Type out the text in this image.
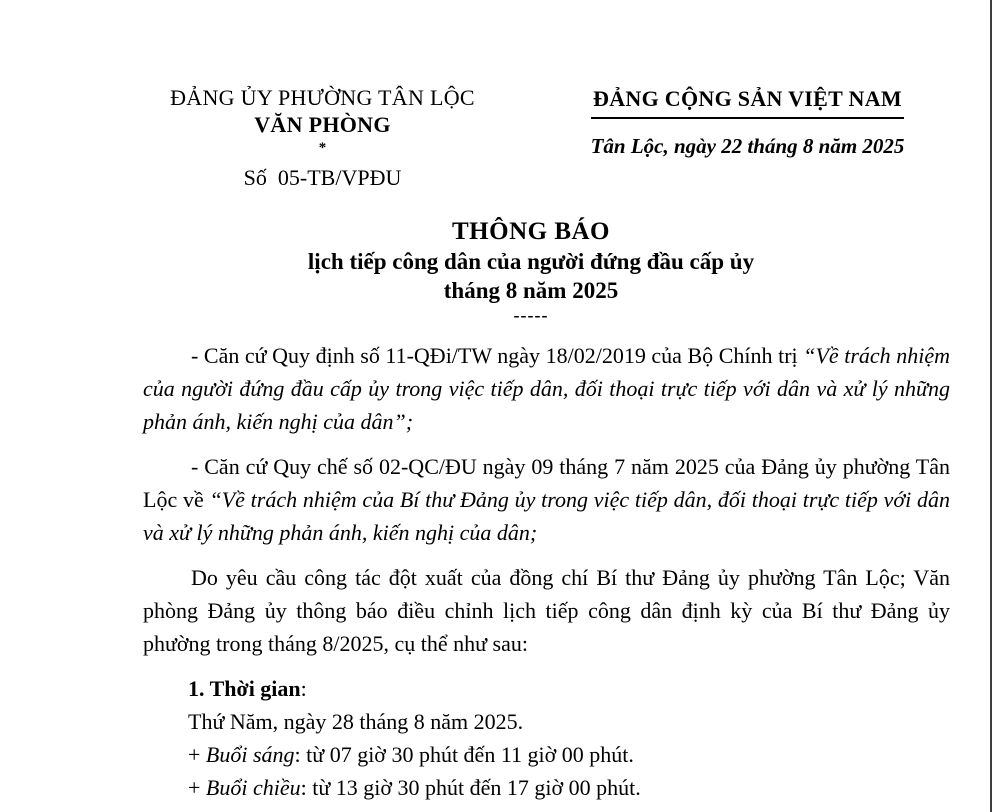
ĐẢNG ỦY PHƯỜNG TÂN LỘC
VĂN PHÒNG
*
Số  05-TB/VPĐU
ĐẢNG CỘNG SẢN VIỆT NAM
Tân Lộc, ngày 22 tháng 8 năm 2025
THÔNG BÁO
lịch tiếp công dân của người đứng đầu cấp ủy
tháng 8 năm 2025
-----

- Căn cứ Quy định số 11-QĐi/TW ngày 18/02/2019 của Bộ Chính trị “Về trách nhiệm của người đứng đầu cấp ủy trong việc tiếp dân, đối thoại trực tiếp với dân và xử lý những phản ánh, kiến nghị của dân”;

- Căn cứ Quy chế số 02-QC/ĐU ngày 09 tháng 7 năm 2025 của Đảng ủy phường Tân Lộc về “Về trách nhiệm của Bí thư Đảng ủy trong việc tiếp dân, đối thoại trực tiếp với dân và xử lý những phản ánh, kiến nghị của dân;

Do yêu cầu công tác đột xuất của đồng chí Bí thư Đảng ủy phường Tân Lộc; Văn phòng Đảng ủy thông báo điều chỉnh lịch tiếp công dân định kỳ của Bí thư Đảng ủy phường trong tháng 8/2025, cụ thể như sau:

1. Thời gian:
Thứ Năm, ngày 28 tháng 8 năm 2025.
+ Buổi sáng: từ 07 giờ 30 phút đến 11 giờ 00 phút.
+ Buổi chiều: từ 13 giờ 30 phút đến 17 giờ 00 phút.
